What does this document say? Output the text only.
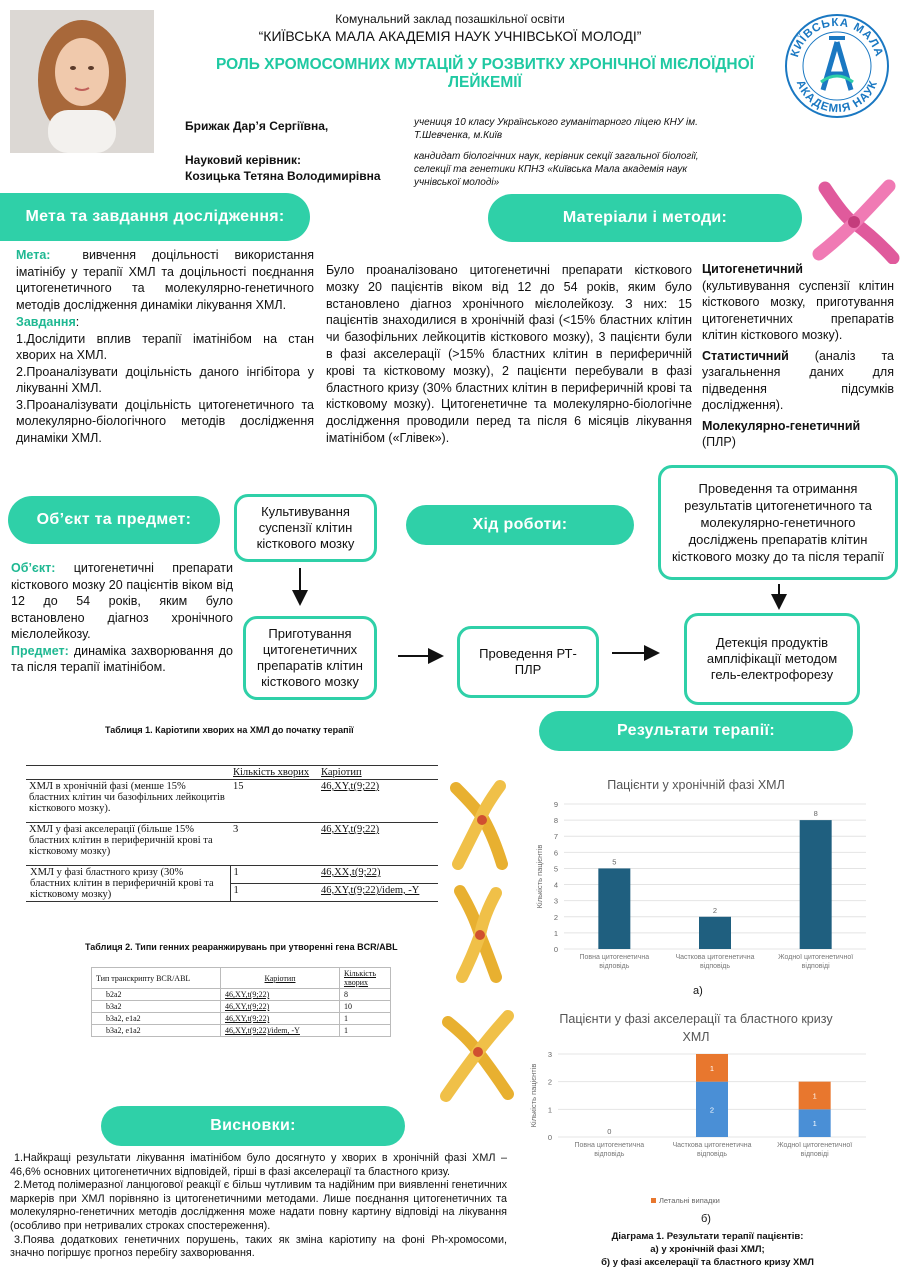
Комунальний заклад позашкільної освіти
“КИЇВСЬКА МАЛА АКАДЕМІЯ НАУК УЧНІВСЬКОЇ МОЛОДІ”
РОЛЬ ХРОМОСОМНИХ МУТАЦІЙ У РОЗВИТКУ ХРОНІЧНОЇ МІЄЛОЇДНОЇ ЛЕЙКЕМІЇ
Брижак Дар’я Сергіївна,	учениця 10 класу Українського гуманітарного ліцею КНУ ім. Т.Шевченка, м.Київ
Науковий керівник:
Козицька Тетяна Володимирівна
кандидат біологічних наук, керівник секції загальної біології, селекції та генетики КПНЗ «Київська Мала академія наук учнівської молоді»
КИЇВСЬКА МАЛА
АКАДЕМІЯ НАУК
Мета та завдання дослідження:

Мета:	вивчення доцільності використання іматінібу у терапії ХМЛ та доцільності поєднання цитогенетичного та молекулярно-генетичного методів дослідження динаміки лікування ХМЛ.

Завдання:

1.Дослідити вплив терапії іматінібом на стан хворих на ХМЛ.

2.Проаналізувати доцільність даного інгібітора у лікуванні ХМЛ.

3.Проаналізувати доцільність цитогенетичного та молекулярно-біологічного методів дослідження динаміки ХМЛ.

Матеріали і методи:
Було проаналізовано цитогенетичні препарати кісткового мозку 20 пацієнтів віком від 12 до 54 років, яким було встановлено діагноз хронічного мієлолейкозу. З них: 15 пацієнтів знаходилися в хронічній фазі (<15% бластних клітин чи базофільних лейкоцитів кісткового мозку), 3 пацієнти були в фазі акселерації (>15% бластних клітин в периферичній крові та кістковому мозку), 2 пацієнти перебували в фазі бластного кризу (30% бластних клітин в периферичній крові та кістковому мозку). Цитогенетичне та молекулярно-біологічне дослідження проводили перед та після 6 місяців лікування іматінібом («Глівек»).

Цитогенетичний (культивування суспензії клітин кісткового мозку, приготування цитогенетичних препаратів клітин кісткового мозку).

Статистичний (аналіз та узагальнення даних для підведення підсумків дослідження).

Молекулярно-генетичний

(ПЛР)

Об’єкт та предмет:

Об’єкт: цитогенетичні препарати кісткового мозку 20 пацієнтів віком від 12 до 54 років, яким було встановлено діагноз хронічного мієлолейкозу.

Предмет: динаміка захворювання до та після терапії іматінібом.

Хід роботи:
Культивування суспензії клітин кісткового мозку
Приготування цитогенетичних препаратів клітин кісткового мозку
Проведення РТ-ПЛР
Детекція продуктів ампліфікації методом гель-електрофорезу
Проведення та отримання результатів цитогенетичного та молекулярно-генетичного досліджень препаратів клітин кісткового мозку до та після терапії
Таблиця 1. Каріотипи хворих на ХМЛ до початку терапії
	Кількість хворих	Каріотип
ХМЛ в хронічній фазі (менше 15% бластних клітин чи базофільних лейкоцитів кісткового мозку).	15	46,XY,t(9;22)
ХМЛ у фазі акселерації (більше 15% бластних клітин в периферичній крові та кістковому мозку)	3	46,XY,t(9;22)
ХМЛ у фазі бластного кризу (30% бластних клітин в периферичній крові та кістковому мозку)	1	46,XX,t(9;22)
	1	46,XY,t(9;22)/idem, -Y
Таблиця 2. Типи генних реаранжирувань при утворенні гена BCR/ABL
Тип транскрипту BCR/ABL	Каріотип	Кількість хворих
b2a2	46,XY,t(9;22)	8
b3a2	46,XY,t(9;22)	10
b3a2, e1a2	46,XY,t(9;22)	1
b3a2, e1a2	46,XY,t(9;22)/idem, -Y	1
Результати терапії:
Пацієнти у хронічній фазі ХМЛ
0
1
2
3
4
5
6
7
8
9
Кількість пацієнтів
Повна цитогенетична відповідь
5
Часткова цитогенетична відповідь
2
Жодної цитогенетичної відповіді
8
а)
Пацієнти у фазі акселерації та бластного кризу
ХМЛ
0
1
2
3
Кількість пацієнтів
Повна цитогенетична відповідь
0
Часткова цитогенетична відповідь
2
1
Жодної цитогенетичної відповіді
1
1
Летальні випадки
б)
Діаграма 1. Результати терапії пацієнтів:
а) у хронічній фазі ХМЛ;
б) у фазі акселерації та бластного кризу ХМЛ
Висновки:

1.Найкращі результати лікування іматінібом було досягнуто у хворих в хронічній фазі ХМЛ – 46,6% основних цитогенетичних відповідей, гірші в фазі акселерації та бластного кризу.

2.Метод полімеразної ланцюгової реакції є більш чутливим та надійним при виявленні генетичних маркерів при ХМЛ порівняно із цитогенетичними методами. Лише поєднання цитогенетичних та молекулярно-генетичних методів дослідження може надати повну картину відповіді на лікування (особливо при нетривалих строках спостереження).

3.Поява додаткових генетичних порушень, таких як зміна каріотипу на фоні Ph-хромосоми, значно погіршує прогноз перебігу захворювання.
